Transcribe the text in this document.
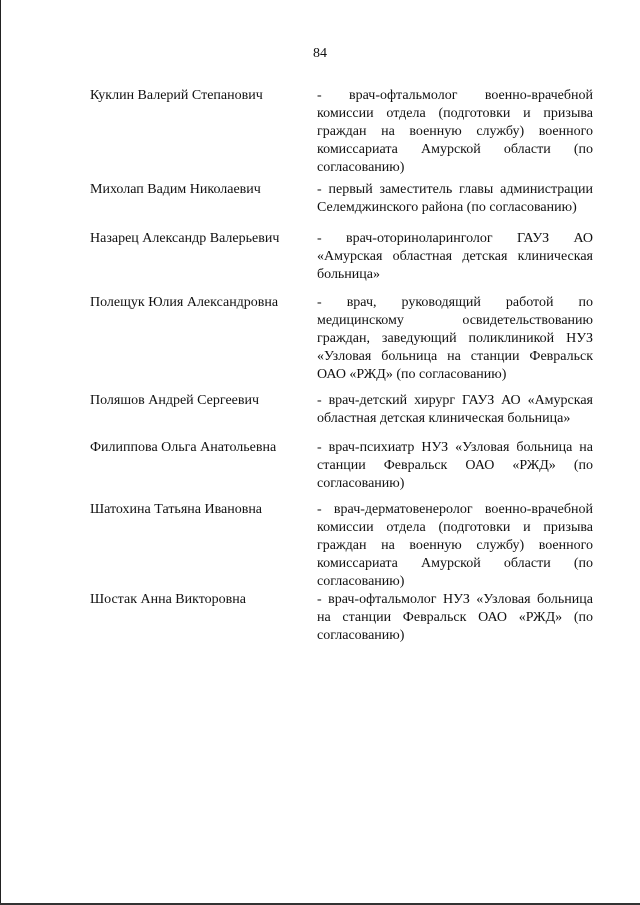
84
Куклин Валерий Степанович	- врач-офтальмолог военно-врачебной комиссии отдела (подготовки и призыва граждан на военную службу) военного комиссариата Амурской области (по согласованию)
Михолап Вадим Николаевич	- первый заместитель главы администрации Селемджинского района (по согласованию)
Назарец Александр Валерьевич	- врач-оториноларинголог ГАУЗ АО «Амурская областная детская клиническая больница»
Полещук Юлия Александровна	- врач, руководящий работой по медицинскому освидетельствованию граждан, заведующий поликлиникой НУЗ «Узловая больница на станции Февральск ОАО «РЖД» (по согласованию)
Поляшов Андрей Сергеевич	- врач-детский хирург ГАУЗ АО «Амурская областная детская клиническая больница»
Филиппова Ольга Анатольевна	- врач-психиатр НУЗ «Узловая больница на станции Февральск ОАО «РЖД» (по согласованию)
Шатохина Татьяна Ивановна	- врач-дерматовенеролог военно-врачебной комиссии отдела (подготовки и призыва граждан на военную службу) военного комиссариата Амурской области (по согласованию)
Шостак Анна Викторовна	- врач-офтальмолог НУЗ «Узловая больница на станции Февральск ОАО «РЖД» (по согласованию)
